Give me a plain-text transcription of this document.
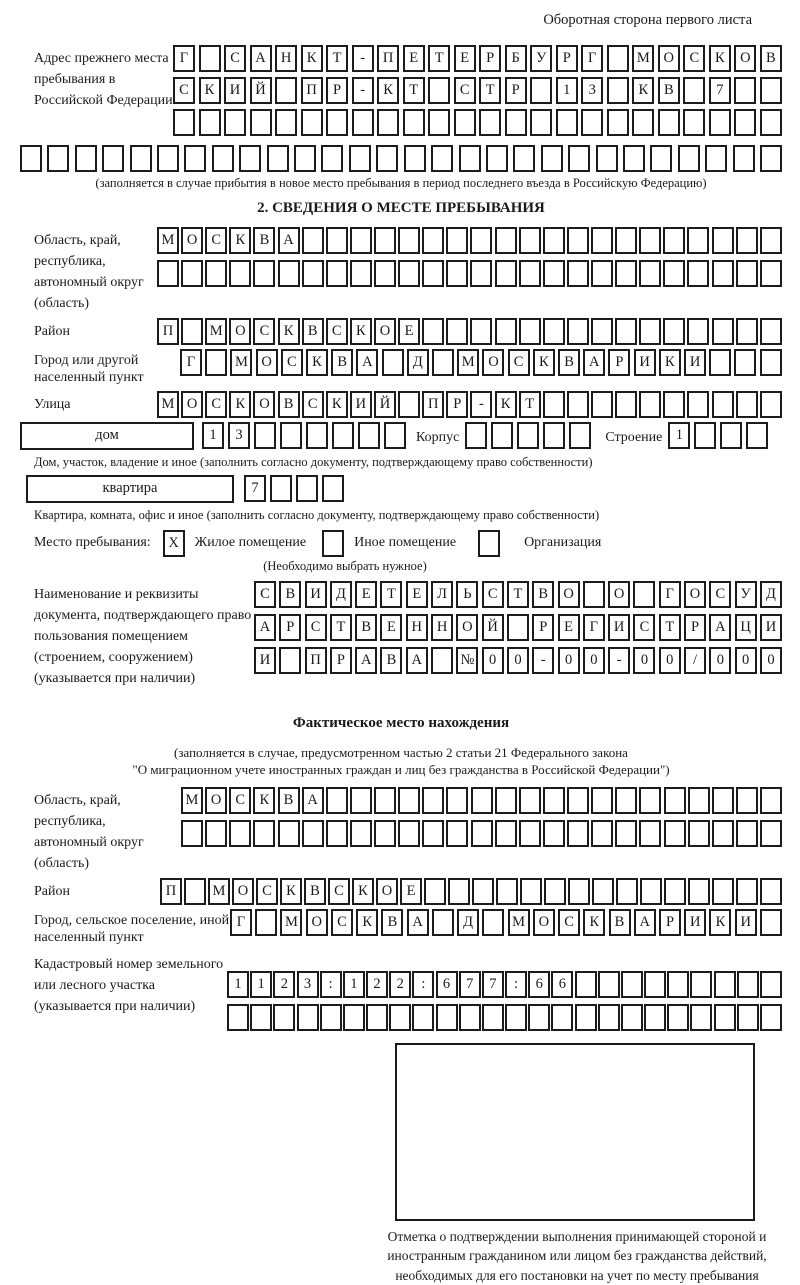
Оборотная сторона первого листа
Адрес прежнего места пребывания в Российской Федерации
Г	С	А	Н	К	Т	-	П	Е	Т	Е	Р	Б	У	Р	Г	М О	С	К	О	В
С	К	И	Й	П	Р	-	К	Т	С	Т	Р	1	3	К	В	7
(заполняется в случае прибытия в новое место пребывания в период последнего въезда в Российскую Федерацию)
2. СВЕДЕНИЯ О МЕСТЕ ПРЕБЫВАНИЯ
Область, край, республика, автономный округ (область)
М О С К В А
Район	П	М О С К В С К О Е
Город или другой населенный пункт
Г	М О	С	К	В	А	Д	М О	С	К	В	А	Р	И	К	И
Улица	М О С К О В С К И Й	П	Р	-	К	Т
дом	1	3	Корпус	Строение 1
Дом, участок, владение и иное (заполнить согласно документу, подтверждающему право собственности)
квартира	7
Квартира, комната, офис и иное (заполнить согласно документу, подтверждающему право собственности)
Место пребывания:	X	Жилое помещение	Иное помещение	Организация
(Необходимо выбрать нужное)
Наименование и реквизиты документа, подтверждающего право пользования помещением (строением, сооружением) (указывается при наличии)
С	В	И	Д	Е	Т	Е	Л	Ь	С	Т	В	О	О	Г	О	С	У	Д
А	Р	С	Т	В	Е	Н	Н	О	Й	Р	Е	Г	И	С	Т	Р	А	Ц	И
И	П	Р	А	В	А	№	0	0	-	0	0	-	0	0	/	0	0	0
Фактическое место нахождения
(заполняется в случае, предусмотренном частью 2 статьи 21 Федерального закона
"О миграционном учете иностранных граждан и лиц без гражданства в Российской Федерации")
Область, край, республика, автономный округ (область)
М О С К В А
Район	П	М О С К В С К О Е
Город, сельское поселение, иной населенный пункт
Г	М О	С	К	В	А	Д	М О	С	К	В	А	Р	И	К	И
Кадастровый номер земельного или лесного участка (указывается при наличии)
1	1	2	3	:	1	2	2	:	6	7	7	:	6	6
Отметка о подтверждении выполнения принимающей стороной и иностранным гражданином или лицом без гражданства действий, необходимых для его постановки на учет по месту пребывания
